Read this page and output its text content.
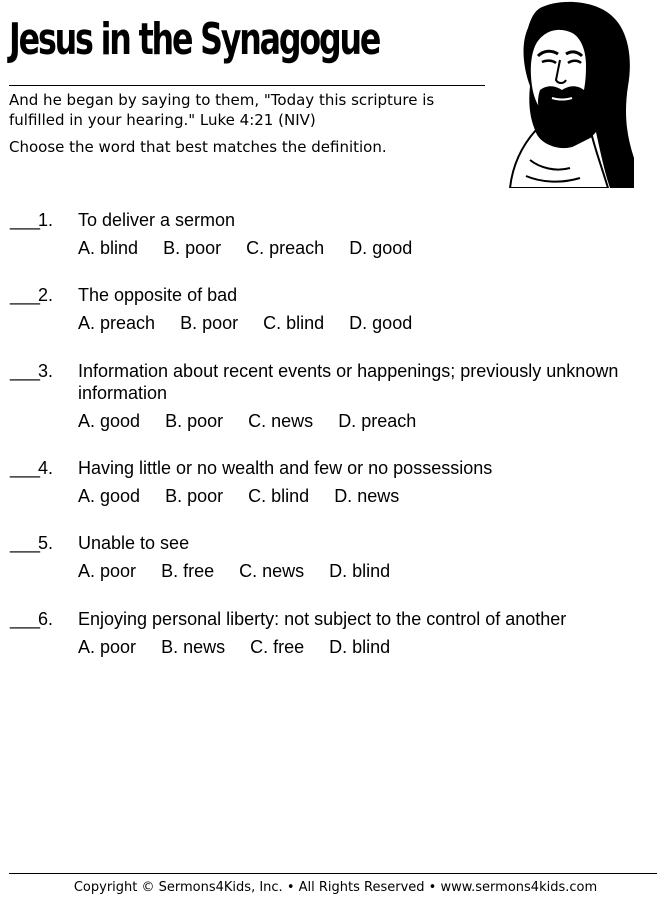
Jesus in the Synagogue

And he began by saying to them, "Today this scripture is fulfilled in your hearing." Luke 4:21 (NIV)

Choose the word that best matches the definition.

___
1. To deliver a sermon
A. blind B. poor C. preach D. good
___
2. The opposite of bad
A. preach B. poor C. blind D. good
___
3. Information about recent events or happenings; previously unknown information
A. good B. poor C. news D. preach
___
4. Having little or no wealth and few or no possessions
A. good B. poor C. blind D. news
___
5. Unable to see
A. poor B. free C. news D. blind
___
6. Enjoying personal liberty: not subject to the control of another
A. poor B. news C. free D. blind
Copyright © Sermons4Kids, Inc. • All Rights Reserved • www.sermons4kids.com
